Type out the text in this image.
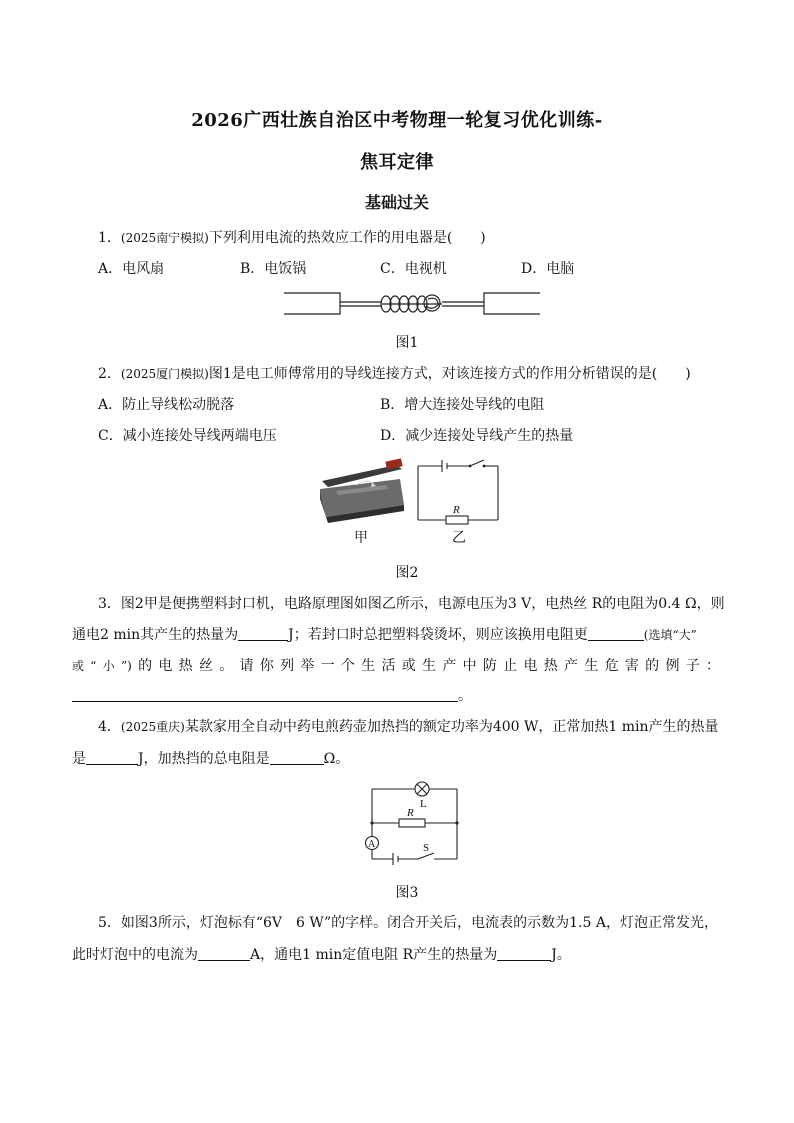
2026广西壮族自治区中考物理一轮复习优化训练-
焦耳定律
基础过关
1．(2025南宁模拟)下列利用电流的热效应工作的用电器是(　　)
A．电风扇	B．电饭锅	C．电视机	D．电脑
图1
2．(2025厦门模拟)图1是电工师傅常用的导线连接方式，对该连接方式的作用分析错误的是(　　)
A．防止导线松动脱落	B．增大连接处导线的电阻
C．减小连接处导线两端电压	D．减少连接处导线产生的热量
甲
R
乙
图2
3．图2甲是便携塑料封口机，电路原理图如图乙所示，电源电压为3 V，电热丝 R的电阻为0.4 Ω，则
通电2 min其产生的热量为	J；若封口时总把塑料袋烫坏，则应该换用电阻更	(选填“大”
或“小”)的电热丝。请你列举一个生活或生产中防止电热产生危害的例子：
。
4．(2025重庆)某款家用全自动中药电煎药壶加热挡的额定功率为400 W，正常加热1 min产生的热量
是	J，加热挡的总电阻是	Ω。
L
R
A	S
图3
5．如图3所示，灯泡标有“6V　6 W”的字样。闭合开关后，电流表的示数为1.5 A，灯泡正常发光，
此时灯泡中的电流为	A，通电1 min定值电阻 R产生的热量为	J。
